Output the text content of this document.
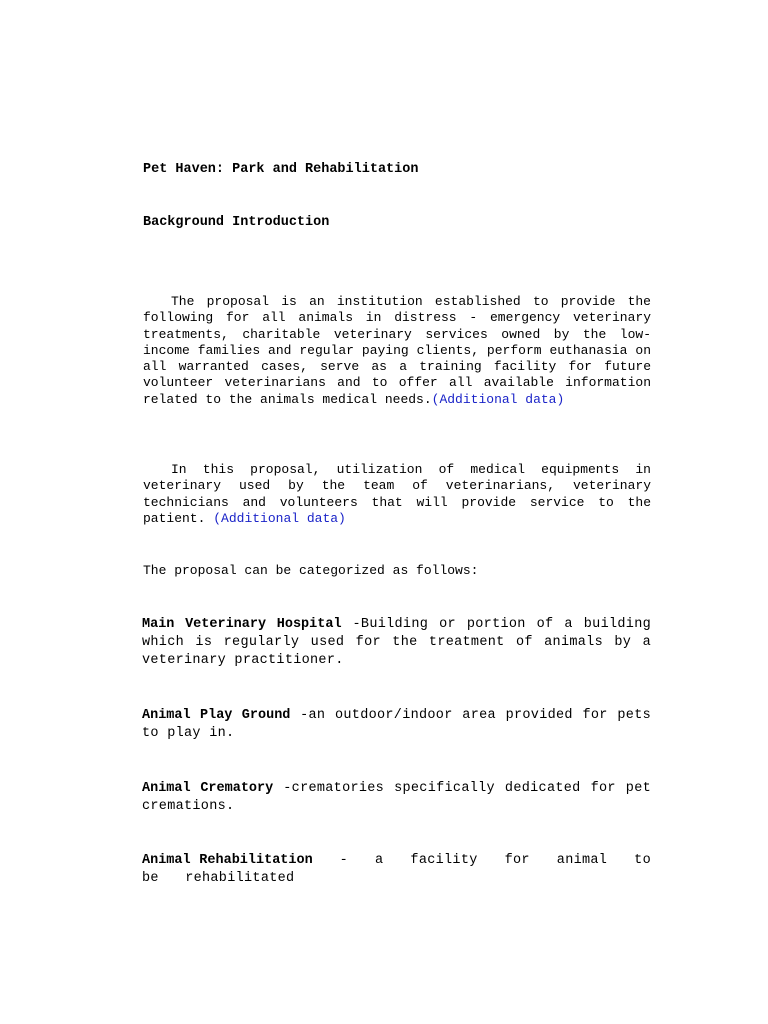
Pet Haven: Park and Rehabilitation

Background Introduction

The proposal is an institution established to provide the following for all animals in distress - emergency veterinary treatments, charitable veterinary services owned by the low-income families and regular paying clients, perform euthanasia on all warranted cases, serve as a training facility for future volunteer veterinarians and to offer all available information related to the animals medical needs.(Additional data)

In this proposal, utilization of medical equipments in veterinary used by the team of veterinarians, veterinary technicians and volunteers that will provide service to the patient. (Additional data)

The proposal can be categorized as follows:

Main Veterinary Hospital -Building or portion of a building which is regularly used for the treatment of animals by a veterinary practitioner.

Animal Play Ground -an outdoor/indoor area provided for pets to play in.

Animal Crematory -crematories specifically dedicated for pet cremations.

Animal Rehabilitation - a facility for animal to be rehabilitated
